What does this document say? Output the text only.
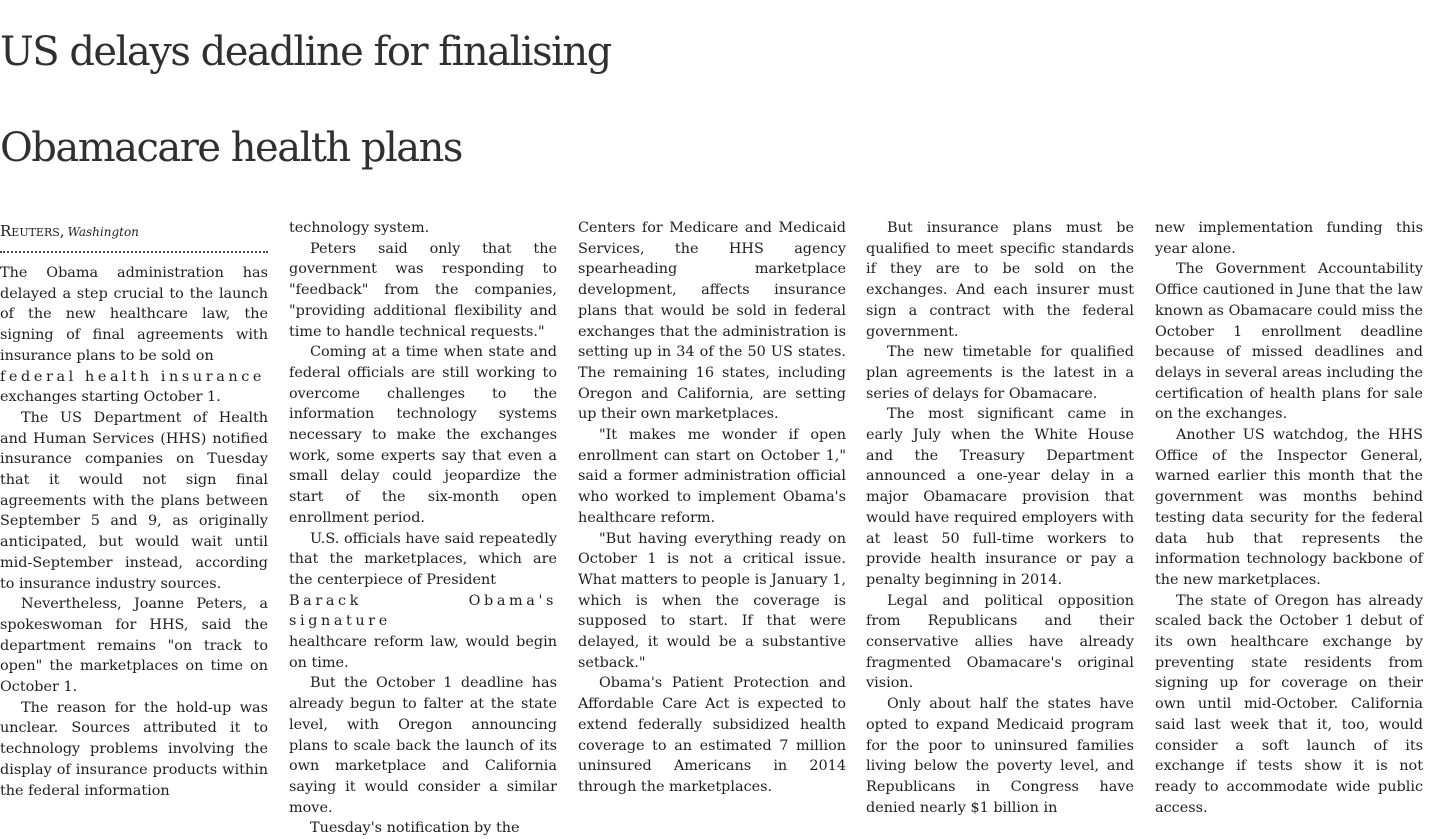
US delays deadline for finalising
Obamacare health plans
Reuters, Washington

The Obama administration has delayed a step crucial to the launch of the new healthcare law, the signing of final agreements with insurance plans to be sold on

federal health insurance

exchanges starting October 1.

The US Department of Health and Human Services (HHS) notified insurance companies on Tuesday that it would not sign final agreements with the plans between September 5 and 9, as originally anticipated, but would wait until mid-September instead, according to insurance industry sources.

Nevertheless, Joanne Peters, a spokeswoman for HHS, said the department remains "on track to open" the marketplaces on time on October 1.

The reason for the hold-up was unclear. Sources attributed it to technology problems involving the display of insurance products within the federal information

technology system.

Peters said only that the government was responding to "feedback" from the companies, "providing additional flexibility and time to handle technical requests."

Coming at a time when state and federal officials are still working to overcome challenges to the information technology systems necessary to make the exchanges work, some experts say that even a small delay could jeopardize the start of the six-month open enrollment period.

U.S. officials have said repeatedly that the marketplaces, which are the centerpiece of President

Barack Obama's signature

healthcare reform law, would begin on time.

But the October 1 deadline has already begun to falter at the state level, with Oregon announcing plans to scale back the launch of its own marketplace and California saying it would consider a similar move.

Tuesday's notification by the

Centers for Medicare and Medicaid Services, the HHS agency spearheading marketplace development, affects insurance plans that would be sold in federal exchanges that the administration is setting up in 34 of the 50 US states. The remaining 16 states, including Oregon and California, are setting up their own marketplaces.

"It makes me wonder if open enrollment can start on October 1," said a former administration official who worked to implement Obama's healthcare reform.

"But having everything ready on October 1 is not a critical issue. What matters to people is January 1, which is when the coverage is supposed to start. If that were delayed, it would be a substantive setback."

Obama's Patient Protection and Affordable Care Act is expected to extend federally subsidized health coverage to an estimated 7 million uninsured Americans in 2014 through the marketplaces.

But insurance plans must be qualified to meet specific standards if they are to be sold on the exchanges. And each insurer must sign a contract with the federal government.

The new timetable for qualified plan agreements is the latest in a series of delays for Obamacare.

The most significant came in early July when the White House and the Treasury Department announced a one-year delay in a major Obamacare provision that would have required employers with at least 50 full-time workers to provide health insurance or pay a penalty beginning in 2014.

Legal and political opposition from Republicans and their conservative allies have already fragmented Obamacare's original vision.

Only about half the states have opted to expand Medicaid program for the poor to uninsured families living below the poverty level, and Republicans in Congress have denied nearly $1 billion in

new implementation funding this year alone.

The Government Accountability Office cautioned in June that the law known as Obamacare could miss the October 1 enrollment deadline because of missed deadlines and delays in several areas including the certification of health plans for sale on the exchanges.

Another US watchdog, the HHS Office of the Inspector General, warned earlier this month that the government was months behind testing data security for the federal data hub that represents the information technology backbone of the new marketplaces.

The state of Oregon has already scaled back the October 1 debut of its own healthcare exchange by preventing state residents from signing up for coverage on their own until mid-October. California said last week that it, too, would consider a soft launch of its exchange if tests show it is not ready to accommodate wide public access.
